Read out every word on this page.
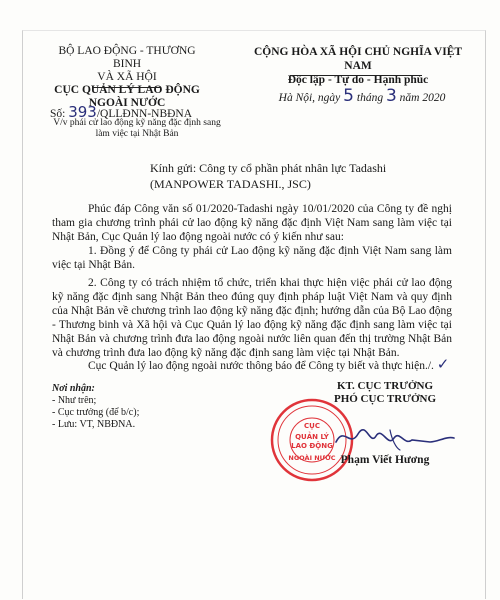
BỘ LAO ĐỘNG - THƯƠNG BINH
VÀ XÃ HỘI
CỤC QUẢN LÝ LAO ĐỘNG
NGOÀI NƯỚC
CỘNG HÒA XÃ HỘI CHỦ NGHĨA VIỆT NAM
Độc lập - Tự do - Hạnh phúc
Hà Nội, ngày 5 tháng 3 năm 2020
Số: 393/QLLĐNN-NBĐNA
V/v phái cử lao động kỹ năng đặc định sang làm việc tại Nhật Bản
Kính gửi: Công ty cổ phần phát nhân lực Tadashi
(MANPOWER TADASHI., JSC)
Phúc đáp Công văn số 01/2020-Tadashi ngày 10/01/2020 của Công ty đề nghị tham gia chương trình phái cử lao động kỹ năng đặc định Việt Nam sang làm việc tại Nhật Bản, Cục Quản lý lao động ngoài nước có ý kiến như sau:
1. Đồng ý để Công ty phái cử Lao động kỹ năng đặc định Việt Nam sang làm việc tại Nhật Bản.
2. Công ty có trách nhiệm tổ chức, triển khai thực hiện việc phái cử lao động kỹ năng đặc định sang Nhật Bản theo đúng quy định pháp luật Việt Nam và quy định của Nhật Bản về chương trình lao động kỹ năng đặc định; hướng dẫn của Bộ Lao động - Thương binh và Xã hội và Cục Quản lý lao động kỹ năng đặc định sang làm việc tại Nhật Bản và chương trình đưa lao động ngoài nước liên quan đến thị trường Nhật Bản và chương trình đưa lao động kỹ năng đặc định sang làm việc tại Nhật Bản.
Cục Quản lý lao động ngoài nước thông báo để Công ty biết và thực hiện./. ✓
Nơi nhận:
- Như trên;
- Cục trưởng (để b/c);
- Lưu: VT, NBĐNA.
KT. CỤC TRƯỞNG
PHÓ CỤC TRƯỞNG
CỤC
QUẢN LÝ
LAO ĐỘNG
NGOÀI NƯỚC Phạm Viết Hương
